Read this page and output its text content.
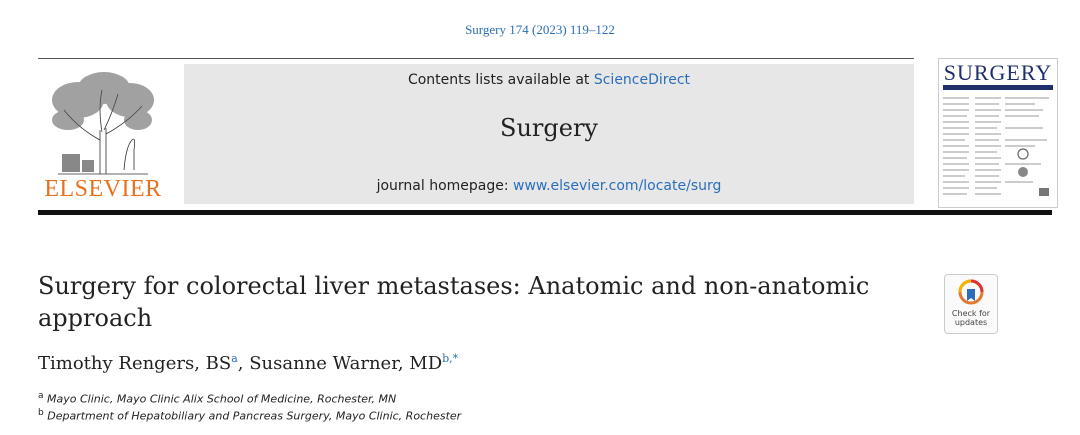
Surgery 174 (2023) 119–122
ELSEVIER
Contents lists available at ScienceDirect
Surgery
journal homepage: www.elsevier.com/locate/surg
SURGERY
Surgery for colorectal liver metastases: Anatomic and non-anatomic approach	Check for
updates
Timothy Rengers, $BS^a$, Susanne Warner, $MD^{b,*}$
$^a$ Mayo Clinic, Mayo Clinic Alix School of Medicine, Rochester, MN
$^b$ Department of Hepatobiliary and Pancreas Surgery, Mayo Clinic, Rochester
